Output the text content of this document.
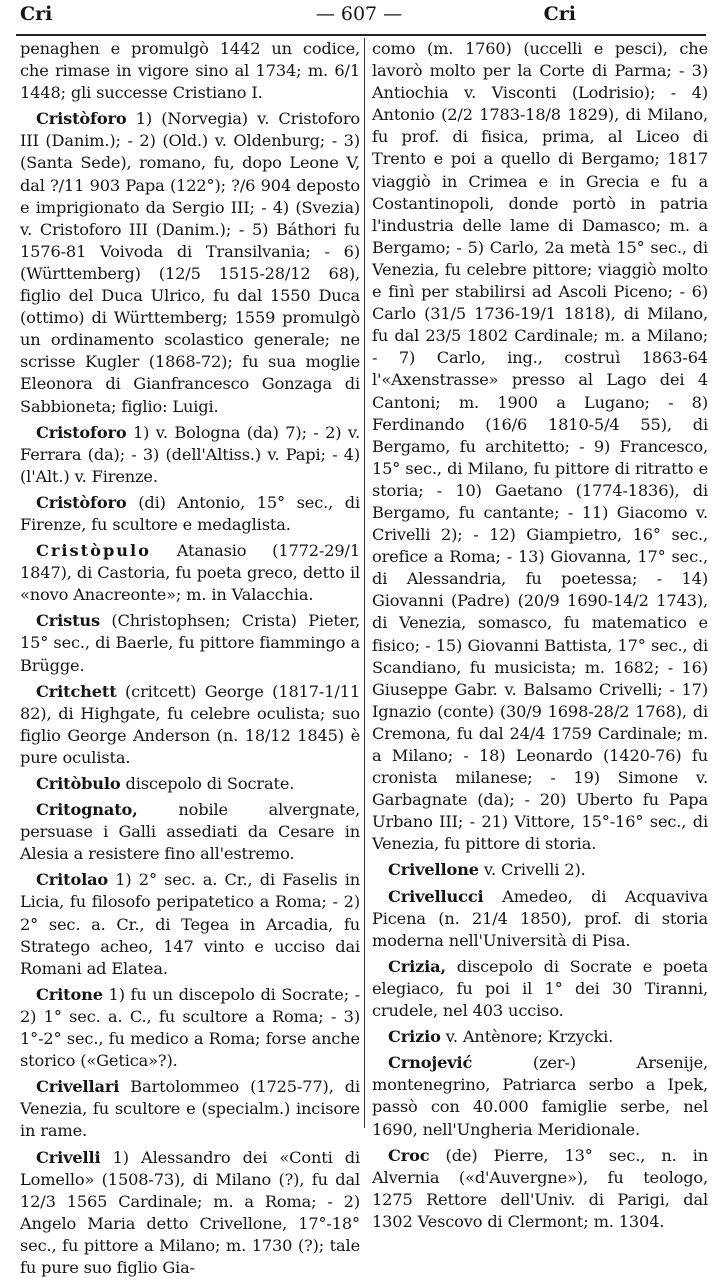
Cri	— 607 —	Cri

penaghen e promulgò 1442 un codice, che rimase in vigore sino al 1734; m. 6/1 1448; gli successe Cristiano I.

Cristòforo 1) (Norvegia) v. Cristoforo III (Danim.); - 2) (Old.) v. Oldenburg; - 3) (Santa Sede), romano, fu, dopo Leone V, dal ?/11 903 Papa (122°); ?/6 904 deposto e imprigionato da Sergio III; - 4) (Svezia) v. Cristoforo III (Danim.); - 5) Báthori fu 1576-81 Voivoda di Transilvania; - 6) (Württemberg) (12/5 1515-28/12 68), figlio del Duca Ulrico, fu dal 1550 Duca (ottimo) di Württemberg; 1559 promulgò un ordinamento scolastico generale; ne scrisse Kugler (1868-72); fu sua moglie Eleonora di Gianfrancesco Gonzaga di Sabbioneta; figlio: Luigi.

Cristoforo 1) v. Bologna (da) 7); - 2) v. Ferrara (da); - 3) (dell'Altiss.) v. Papi; - 4) (l'Alt.) v. Firenze.

Cristòforo (di) Antonio, 15° sec., di Firenze, fu scultore e medaglista.

Cristòpulo Atanasio (1772-29/1 1847), di Castoria, fu poeta greco, detto il «novo Anacreonte»; m. in Valacchia.

Cristus (Christophsen; Crista) Pieter, 15° sec., di Baerle, fu pittore fiammingo a Brügge.

Critchett (critcett) George (1817-1/11 82), di Highgate, fu celebre oculista; suo figlio George Anderson (n. 18/12 1845) è pure oculista.

Critòbulo discepolo di Socrate.

Critognato, nobile alvergnate, persuase i Galli assediati da Cesare in Alesia a resistere fino all'estremo.

Critolao 1) 2° sec. a. Cr., di Faselis in Licia, fu filosofo peripatetico a Roma; - 2) 2° sec. a. Cr., di Tegea in Arcadia, fu Stratego acheo, 147 vinto e ucciso dai Romani ad Elatea.

Critone 1) fu un discepolo di Socrate; - 2) 1° sec. a. C., fu scultore a Roma; - 3) 1°-2° sec., fu medico a Roma; forse anche storico («Getica»?).

Crivellari Bartolommeo (1725-77), di Venezia, fu scultore e (specialm.) incisore in rame.

Crivelli 1) Alessandro dei «Conti di Lomello» (1508-73), di Milano (?), fu dal 12/3 1565 Cardinale; m. a Roma; - 2) Angelo Maria detto Crivellone, 17°-18° sec., fu pittore a Milano; m. 1730 (?); tale fu pure suo figlio Gia-

como (m. 1760) (uccelli e pesci), che lavorò molto per la Corte di Parma; - 3) Antiochia v. Visconti (Lodrisio); - 4) Antonio (2/2 1783-18/8 1829), di Milano, fu prof. di fisica, prima, al Liceo di Trento e poi a quello di Bergamo; 1817 viaggiò in Crimea e in Grecia e fu a Costantinopoli, donde portò in patria l'industria delle lame di Damasco; m. a Bergamo; - 5) Carlo, 2a metà 15° sec., di Venezia, fu celebre pittore; viaggiò molto e finì per stabilirsi ad Ascoli Piceno; - 6) Carlo (31/5 1736-19/1 1818), di Milano, fu dal 23/5 1802 Cardinale; m. a Milano; - 7) Carlo, ing., costruì 1863-64 l'«Axenstrasse» presso al Lago dei 4 Cantoni; m. 1900 a Lugano; - 8) Ferdinando (16/6 1810-5/4 55), di Bergamo, fu architetto; - 9) Francesco, 15° sec., di Milano, fu pittore di ritratto e storia; - 10) Gaetano (1774-1836), di Bergamo, fu cantante; - 11) Giacomo v. Crivelli 2); - 12) Giampietro, 16° sec., orefice a Roma; - 13) Giovanna, 17° sec., di Alessandria, fu poetessa; - 14) Giovanni (Padre) (20/9 1690-14/2 1743), di Venezia, somasco, fu matematico e fisico; - 15) Giovanni Battista, 17° sec., di Scandiano, fu musicista; m. 1682; - 16) Giuseppe Gabr. v. Balsamo Crivelli; - 17) Ignazio (conte) (30/9 1698-28/2 1768), di Cremona, fu dal 24/4 1759 Cardinale; m. a Milano; - 18) Leonardo (1420-76) fu cronista milanese; - 19) Simone v. Garbagnate (da); - 20) Uberto fu Papa Urbano III; - 21) Vittore, 15°-16° sec., di Venezia, fu pittore di storia.

Crivellone v. Crivelli 2).

Crivellucci Amedeo, di Acquaviva Picena (n. 21/4 1850), prof. di storia moderna nell'Università di Pisa.

Crizia, discepolo di Socrate e poeta elegiaco, fu poi il 1° dei 30 Tiranni, crudele, nel 403 ucciso.

Crizio v. Antènore; Krzycki.

Crnojević (zer-) Arsenije, montenegrino, Patriarca serbo a Ipek, passò con 40.000 famiglie serbe, nel 1690, nell'Ungheria Meridionale.

Croc (de) Pierre, 13° sec., n. in Alvernia («d'Auvergne»), fu teologo, 1275 Rettore dell'Univ. di Parigi, dal 1302 Vescovo di Clermont; m. 1304.
